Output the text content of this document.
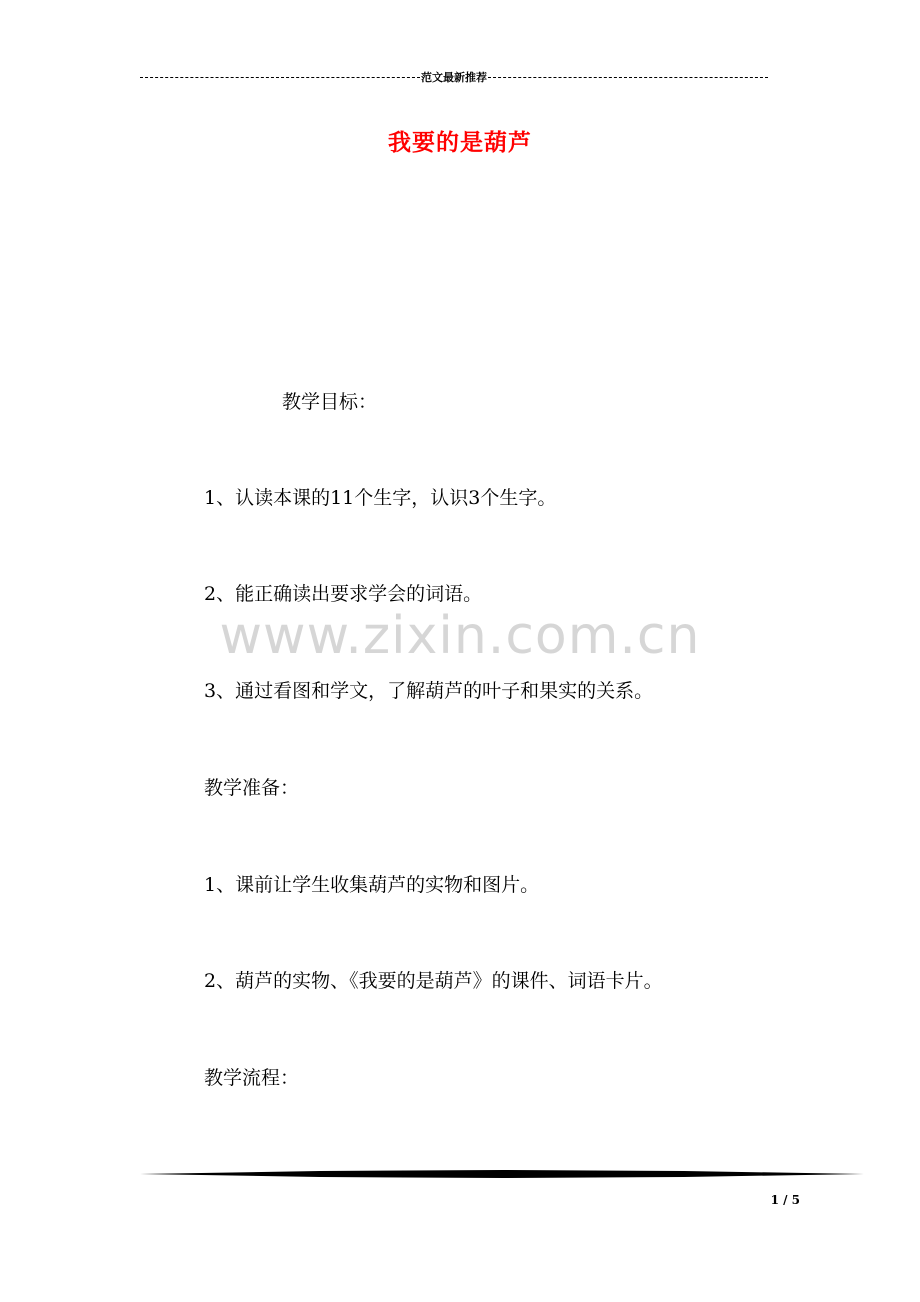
范文最新推荐
我要的是葫芦
教学目标：
1、认读本课的11个生字，认识3个生字。
2、能正确读出要求学会的词语。
3、通过看图和学文，了解葫芦的叶子和果实的关系。
教学准备：
1、课前让学生收集葫芦的实物和图片。
2、葫芦的实物、《我要的是葫芦》的课件、词语卡片。
教学流程：
www.zixin.com.cn
1 / 5
